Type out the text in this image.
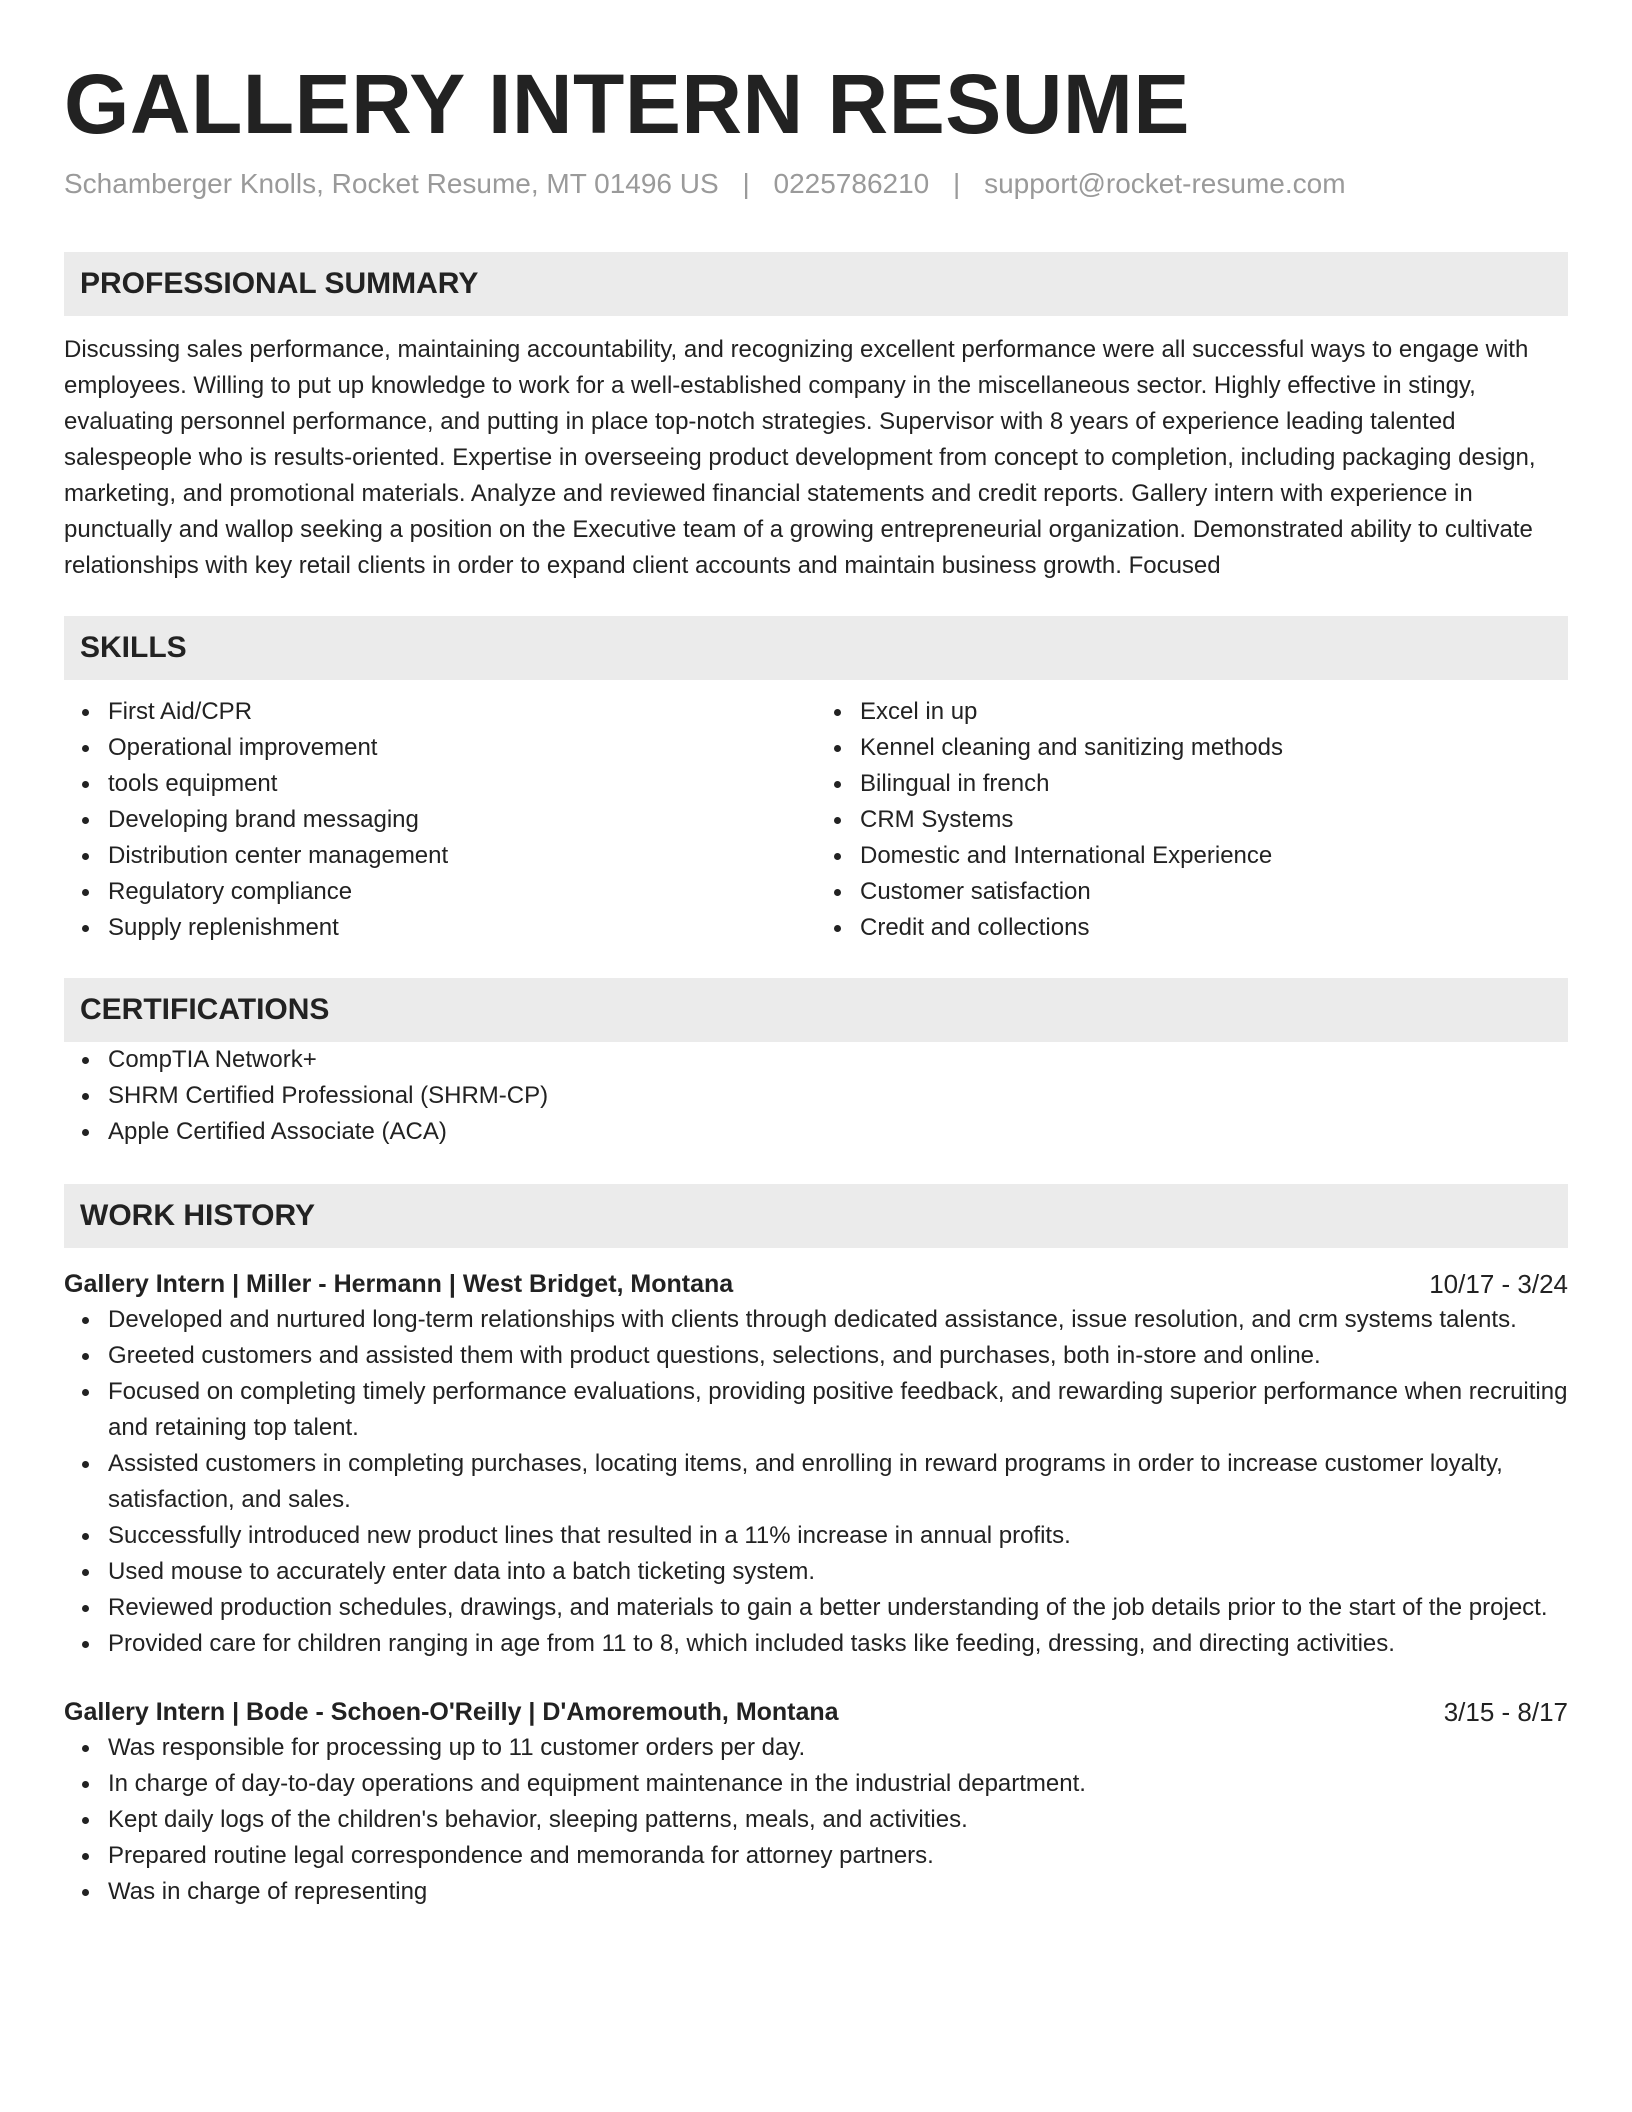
GALLERY INTERN RESUME
Schamberger Knolls, Rocket Resume, MT 01496 US | 0225786210 | support@rocket-resume.com
PROFESSIONAL SUMMARY
Discussing sales performance, maintaining accountability, and recognizing excellent performance were all successful ways to engage with employees. Willing to put up knowledge to work for a well-established company in the miscellaneous sector. Highly effective in stingy, evaluating personnel performance, and putting in place top-notch strategies. Supervisor with 8 years of experience leading talented salespeople who is results-oriented. Expertise in overseeing product development from concept to completion, including packaging design, marketing, and promotional materials. Analyze and reviewed financial statements and credit reports. Gallery intern with experience in punctually and wallop seeking a position on the Executive team of a growing entrepreneurial organization. Demonstrated ability to cultivate relationships with key retail clients in order to expand client accounts and maintain business growth. Focused
SKILLS
First Aid/CPR
Operational improvement
tools equipment
Developing brand messaging
Distribution center management
Regulatory compliance
Supply replenishment
Excel in up
Kennel cleaning and sanitizing methods
Bilingual in french
CRM Systems
Domestic and International Experience
Customer satisfaction
Credit and collections
CERTIFICATIONS
CompTIA Network+
SHRM Certified Professional (SHRM-CP)
Apple Certified Associate (ACA)
WORK HISTORY
Gallery Intern | Miller - Hermann | West Bridget, Montana	10/17 - 3/24
Developed and nurtured long-term relationships with clients through dedicated assistance, issue resolution, and crm systems talents.
Greeted customers and assisted them with product questions, selections, and purchases, both in-store and online.
Focused on completing timely performance evaluations, providing positive feedback, and rewarding superior performance when recruiting and retaining top talent.
Assisted customers in completing purchases, locating items, and enrolling in reward programs in order to increase customer loyalty, satisfaction, and sales.
Successfully introduced new product lines that resulted in a 11% increase in annual profits.
Used mouse to accurately enter data into a batch ticketing system.
Reviewed production schedules, drawings, and materials to gain a better understanding of the job details prior to the start of the project.
Provided care for children ranging in age from 11 to 8, which included tasks like feeding, dressing, and directing activities.
Gallery Intern | Bode - Schoen-O'Reilly | D'Amoremouth, Montana	3/15 - 8/17
Was responsible for processing up to 11 customer orders per day.
In charge of day-to-day operations and equipment maintenance in the industrial department.
Kept daily logs of the children's behavior, sleeping patterns, meals, and activities.
Prepared routine legal correspondence and memoranda for attorney partners.
Was in charge of representing
